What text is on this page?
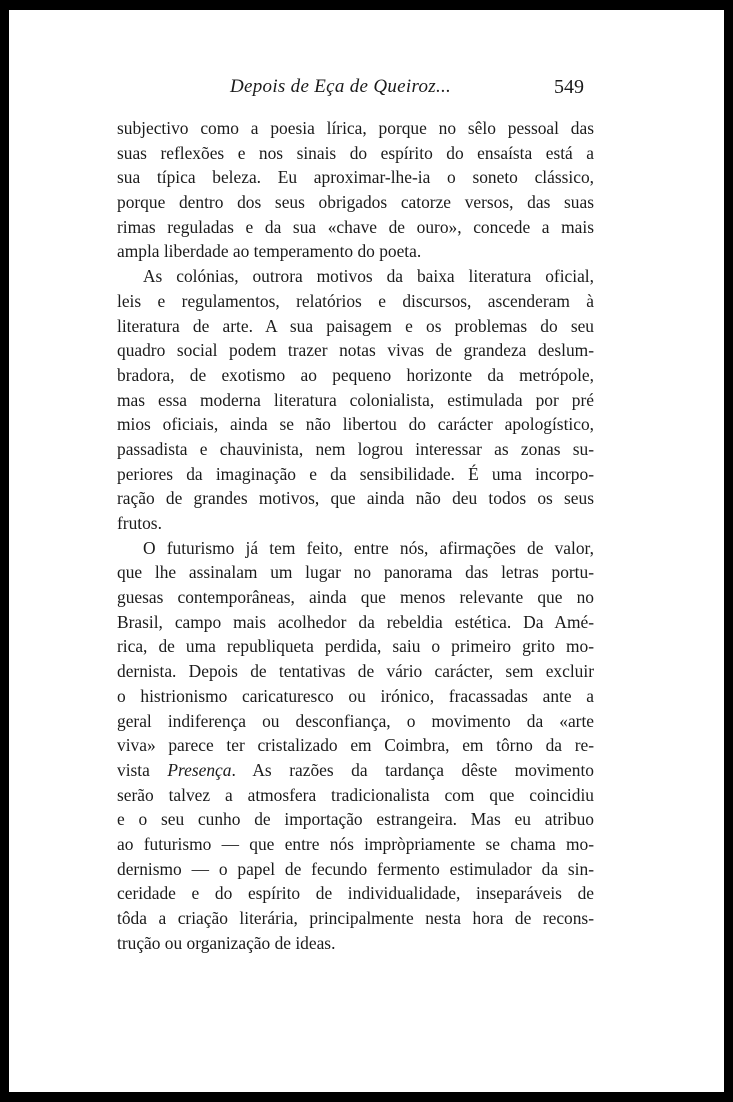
Depois de Eça de Queiroz...	549
subjectivo como a poesia lírica, porque no sêlo pessoal das
suas reflexões e nos sinais do espírito do ensaísta está a
sua típica beleza. Eu aproximar-lhe-ia o soneto clássico,
porque dentro dos seus obrigados catorze versos, das suas
rimas reguladas e da sua «chave de ouro», concede a mais
ampla liberdade ao temperamento do poeta.
As colónias, outrora motivos da baixa literatura oficial,
leis e regulamentos, relatórios e discursos, ascenderam à
literatura de arte. A sua paisagem e os problemas do seu
quadro social podem trazer notas vivas de grandeza deslum-
bradora, de exotismo ao pequeno horizonte da metrópole,
mas essa moderna literatura colonialista, estimulada por pré
mios oficiais, ainda se não libertou do carácter apologístico,
passadista e chauvinista, nem logrou interessar as zonas su-
periores da imaginação e da sensibilidade. É uma incorpo-
ração de grandes motivos, que ainda não deu todos os seus
frutos.
O futurismo já tem feito, entre nós, afirmações de valor,
que lhe assinalam um lugar no panorama das letras portu-
guesas contemporâneas, ainda que menos relevante que no
Brasil, campo mais acolhedor da rebeldia estética. Da Amé-
rica, de uma republiqueta perdida, saiu o primeiro grito mo-
dernista. Depois de tentativas de vário carácter, sem excluir
o histrionismo caricaturesco ou irónico, fracassadas ante a
geral indiferença ou desconfiança, o movimento da «arte
viva» parece ter cristalizado em Coimbra, em tôrno da re-
vista Presença. As razões da tardança dêste movimento
serão talvez a atmosfera tradicionalista com que coincidiu
e o seu cunho de importação estrangeira. Mas eu atribuo
ao futurismo — que entre nós impròpriamente se chama mo-
dernismo — o papel de fecundo fermento estimulador da sin-
ceridade e do espírito de individualidade, inseparáveis de
tôda a criação literária, principalmente nesta hora de recons-
trução ou organização de ideas.
